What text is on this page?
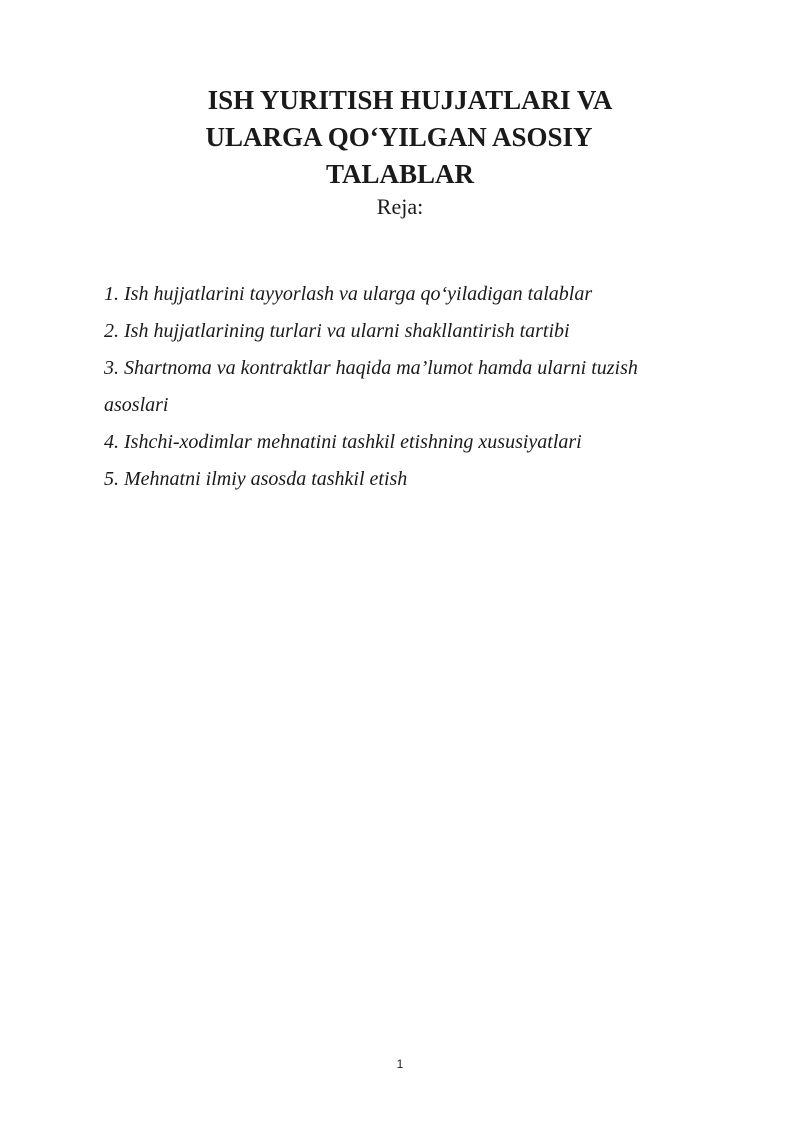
ISH YURITISH HUJJATLARI VA
ULARGA QO‘YILGAN ASOSIY
TALABLAR

Reja:

1. Ish hujjatlarini tayyorlash va ularga qo‘yiladigan talablar
2. Ish hujjatlarining turlari va ularni shakllantirish tartibi
3. Shartnoma va kontraktlar haqida ma’lumot hamda ularni tuzish asoslari
4. Ishchi-xodimlar mehnatini tashkil etishning xususiyatlari
5. Mehnatni ilmiy asosda tashkil etish
1
